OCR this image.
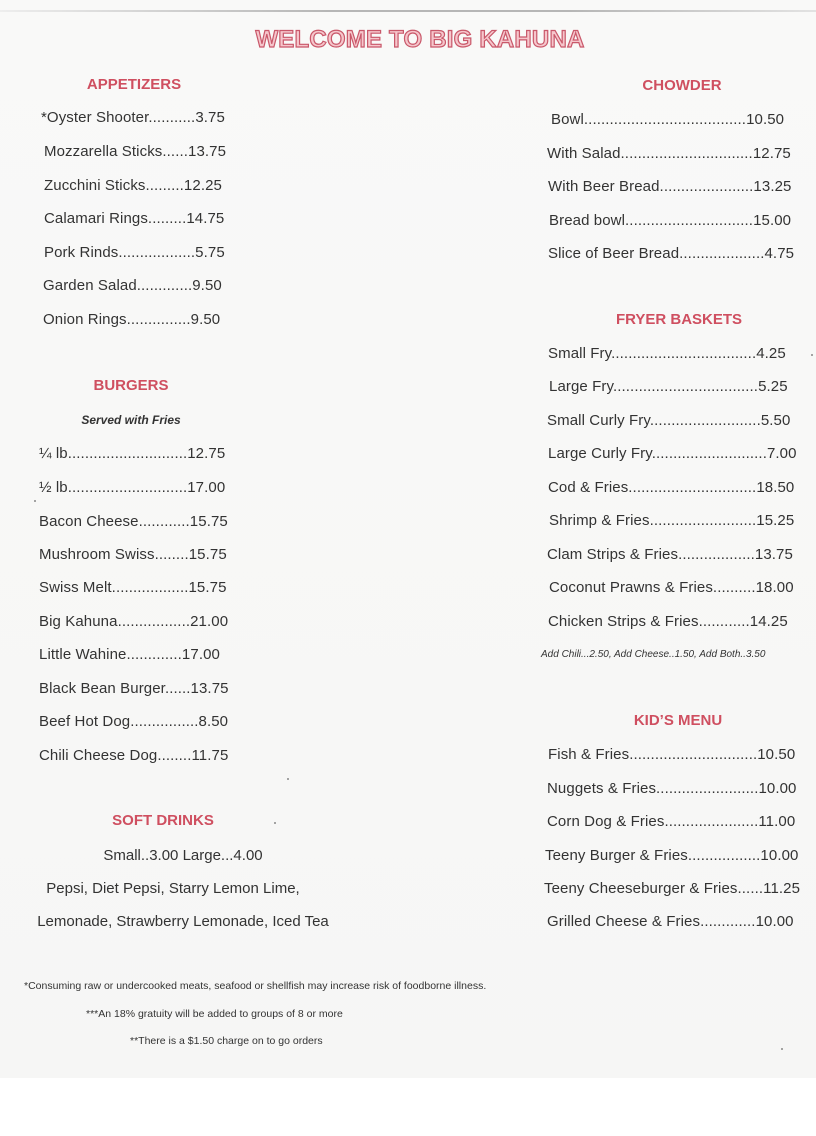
WELCOME TO BIG KAHUNA
APPETIZERS
*Oyster Shooter...........3.75
Mozzarella Sticks......13.75
Zucchini Sticks.........12.25
Calamari Rings.........14.75
Pork Rinds..................5.75
Garden Salad.............9.50
Onion Rings...............9.50
BURGERS
Served with Fries
¼ lb............................12.75
½ lb............................17.00
Bacon Cheese............15.75
Mushroom Swiss........15.75
Swiss Melt..................15.75
Big Kahuna.................21.00
Little Wahine.............17.00
Black Bean Burger......13.75
Beef Hot Dog................8.50
Chili Cheese Dog........11.75
SOFT DRINKS
Small..3.00 Large...4.00
Pepsi, Diet Pepsi, Starry Lemon Lime,
Lemonade, Strawberry Lemonade, Iced Tea
CHOWDER
Bowl......................................10.50
With Salad...............................12.75
With Beer Bread......................13.25
Bread bowl..............................15.00
Slice of Beer Bread....................4.75
FRYER BASKETS
Small Fry..................................4.25
Large Fry..................................5.25
Small Curly Fry..........................5.50
Large Curly Fry...........................7.00
Cod & Fries..............................18.50
Shrimp & Fries.........................15.25
Clam Strips & Fries..................13.75
Coconut Prawns & Fries..........18.00
Chicken Strips & Fries............14.25
Add Chili...2.50, Add Cheese..1.50, Add Both..3.50
KID’S MENU
Fish & Fries..............................10.50
Nuggets & Fries........................10.00
Corn Dog & Fries......................11.00
Teeny Burger & Fries.................10.00
Teeny Cheeseburger & Fries......11.25
Grilled Cheese & Fries.............10.00
*Consuming raw or undercooked meats, seafood or shellfish may increase risk of foodborne illness.
***An 18% gratuity will be added to groups of 8 or more
**There is a $1.50 charge on to go orders
